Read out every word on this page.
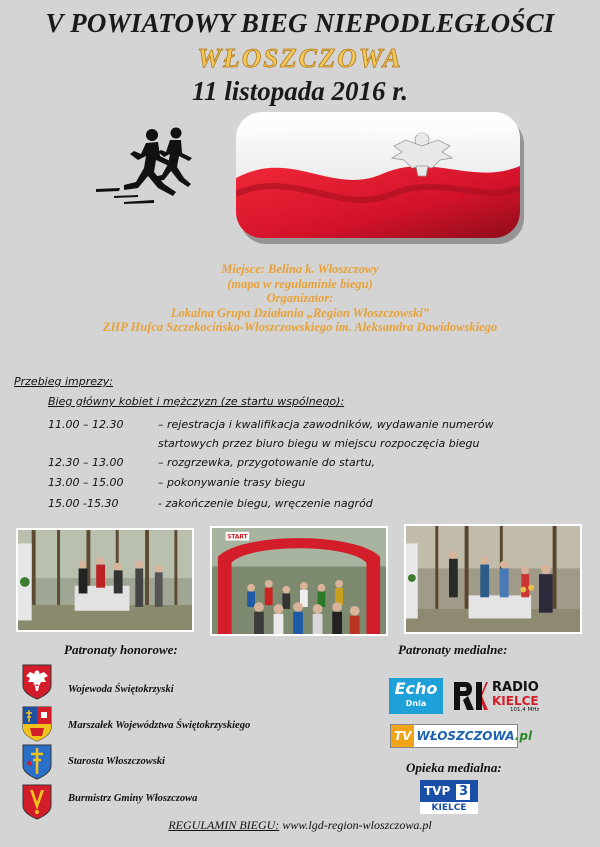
V POWIATOWY BIEG NIEPODLEGŁOŚCI
WŁOSZCZOWA
11 listopada 2016 r.
Miejsce: Belina k. Włoszczowy
(mapa w regulaminie biegu)
Organizator:
Lokalna Grupa Działania „Region Włoszczowski”
ZHP Hufca Szczekocińsko-Włoszczowskiego im. Aleksandra Dawidowskiego
Przebieg imprezy:
Bieg główny kobiet i mężczyzn (ze startu wspólnego):
11.00 – 12.30	– rejestracja i kwalifikacja zawodników, wydawanie numerów
startowych przez biuro biegu w miejscu rozpoczęcia biegu
12.30 – 13.00	– rozgrzewka, przygotowanie do startu,
13.00 – 15.00	– pokonywanie trasy biegu
15.00 -15.30	- zakończenie biegu, wręczenie nagród
START
Patronaty honorowe:	Patronaty medialne:
Wojewoda Świętokrzyski
Marszałek Województwa Świętokrzyskiego
Starosta Włoszczowski
Burmistrz Gminy Włoszczowa
Echo
Dnia
RADIO
KIELCE
101,4 MHz
TV WŁOSZCZOWA.pl
Opieka medialna:
TVP 3
KIELCE
REGULAMIN BIEGU: www.lgd-region-wloszczowa.pl
